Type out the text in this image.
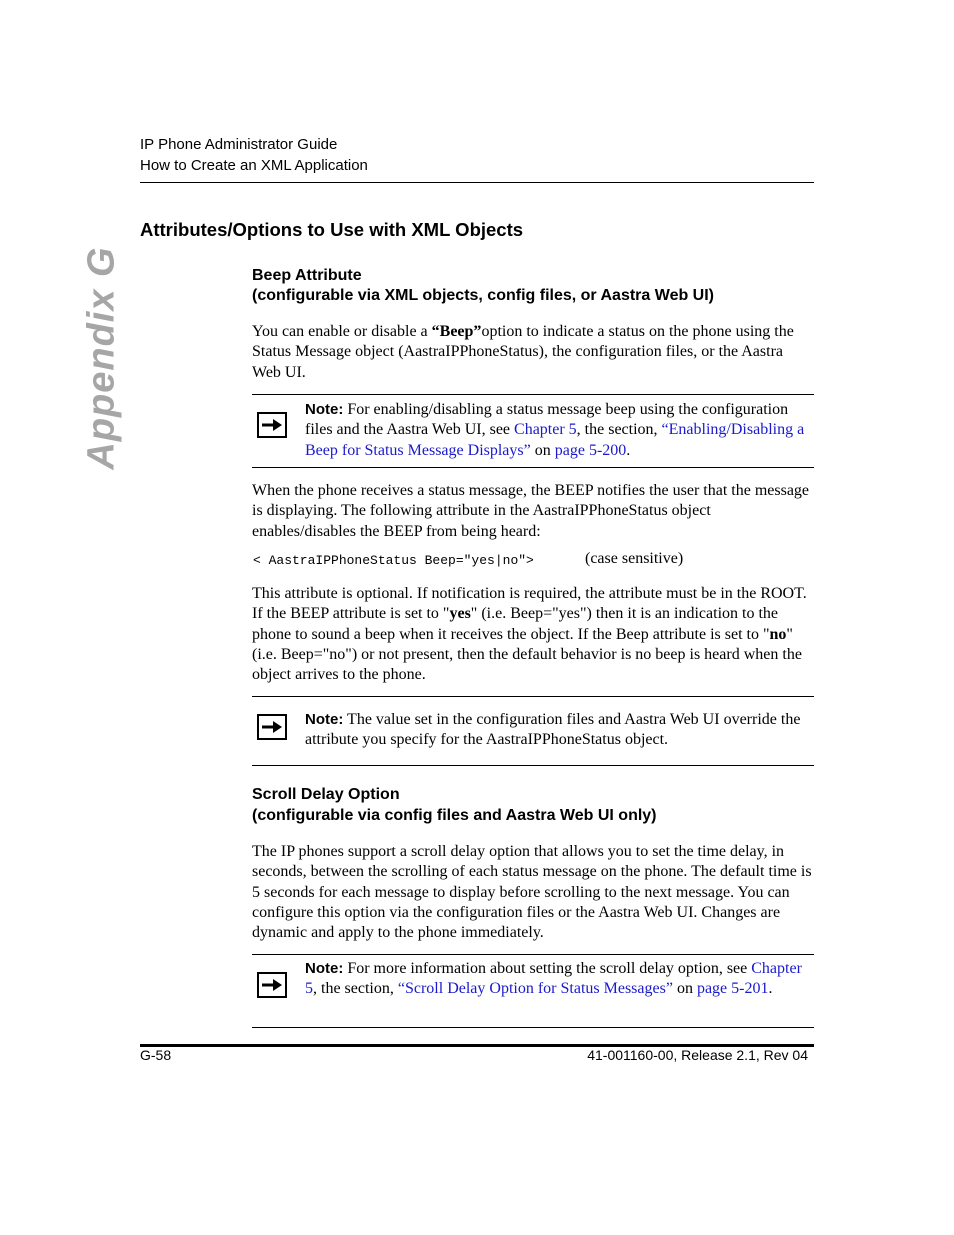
IP Phone Administrator Guide
How to Create an XML Application
Appendix G
Attributes/Options to Use with XML Objects
Beep Attribute
(configurable via XML objects, config files, or Aastra Web UI)
You can enable or disable a “Beep”option to indicate a status on the phone using the Status Message object (AastraIPPhoneStatus), the configuration files, or the Aastra Web UI.
Note: For enabling/disabling a status message beep using the configuration files and the Aastra Web UI, see Chapter 5, the section, “Enabling/Disabling a Beep for Status Message Displays” on page 5-200.
When the phone receives a status message, the BEEP notifies the user that the message is displaying. The following attribute in the AastraIPPhoneStatus object enables/disables the BEEP from being heard:
< AastraIPPhoneStatus Beep="yes|no">	(case sensitive)
This attribute is optional. If notification is required, the attribute must be in the ROOT. If the BEEP attribute is set to "yes" (i.e. Beep="yes") then it is an indication to the phone to sound a beep when it receives the object. If the Beep attribute is set to "no" (i.e. Beep="no") or not present, then the default behavior is no beep is heard when the object arrives to the phone.
Note: The value set in the configuration files and Aastra Web UI override the attribute you specify for the AastraIPPhoneStatus object.
Scroll Delay Option
(configurable via config files and Aastra Web UI only)
The IP phones support a scroll delay option that allows you to set the time delay, in seconds, between the scrolling of each status message on the phone. The default time is 5 seconds for each message to display before scrolling to the next message. You can configure this option via the configuration files or the Aastra Web UI. Changes are dynamic and apply to the phone immediately.
Note: For more information about setting the scroll delay option, see Chapter 5, the section, “Scroll Delay Option for Status Messages” on page 5-201.
G-58	41-001160-00, Release 2.1, Rev 04
